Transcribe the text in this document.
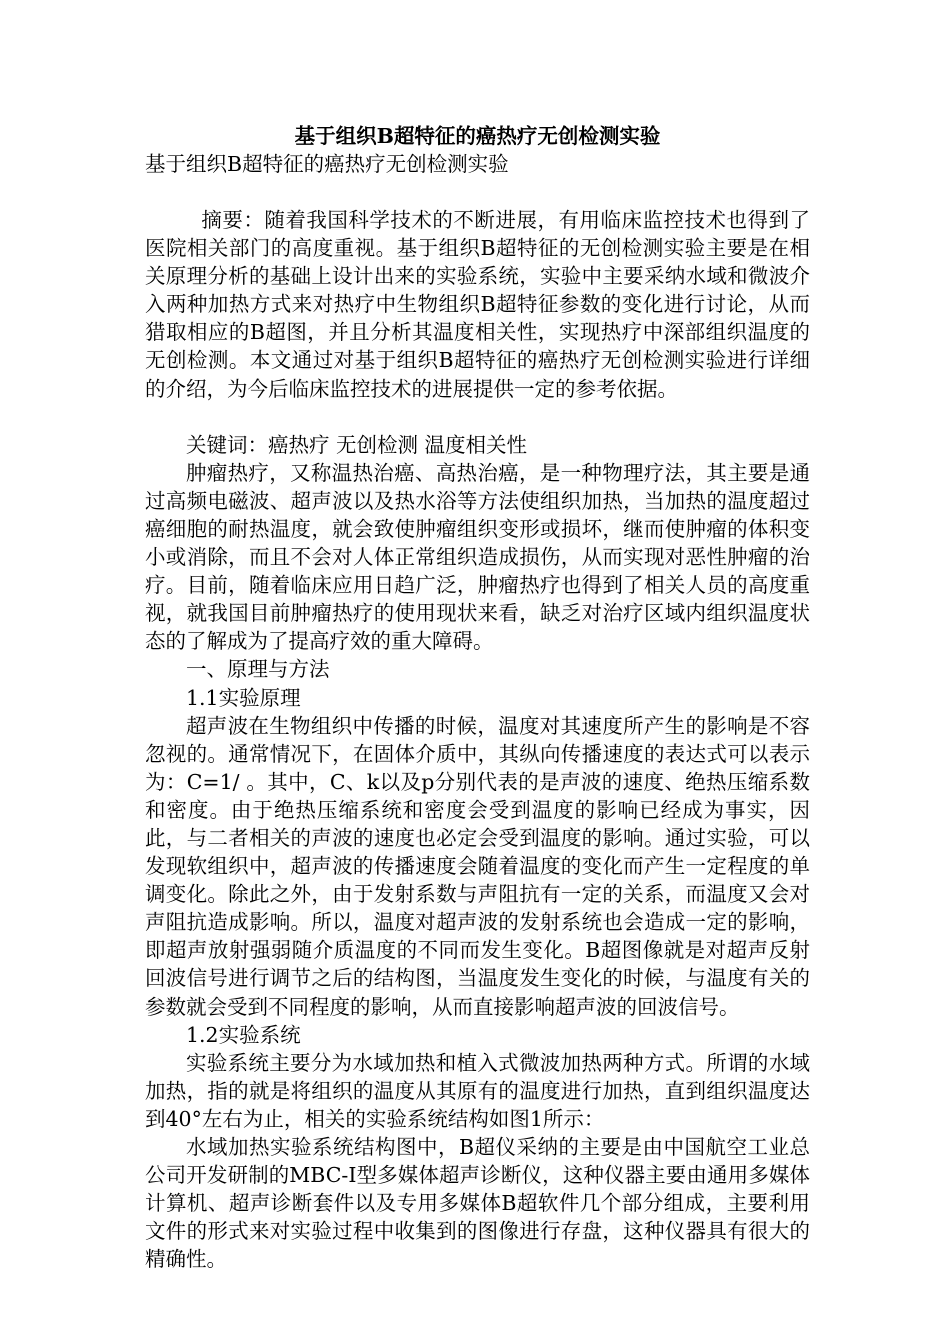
基于组织B超特征的癌热疗无创检测实验
基于组织B超特征的癌热疗无创检测实验

摘要：随着我国科学技术的不断进展，有用临床监控技术也得到了医院相关部门的高度重视。基于组织B超特征的无创检测实验主要是在相关原理分析的基础上设计出来的实验系统，实验中主要采纳水域和微波介入两种加热方式来对热疗中生物组织B超特征参数的变化进行讨论，从而猎取相应的B超图，并且分析其温度相关性，实现热疗中深部组织温度的无创检测。本文通过对基于组织B超特征的癌热疗无创检测实验进行详细的介绍，为今后临床监控技术的进展提供一定的参考依据。

关键词：癌热疗 无创检测 温度相关性

肿瘤热疗，又称温热治癌、高热治癌，是一种物理疗法，其主要是通过高频电磁波、超声波以及热水浴等方法使组织加热，当加热的温度超过癌细胞的耐热温度，就会致使肿瘤组织变形或损坏，继而使肿瘤的体积变小或消除，而且不会对人体正常组织造成损伤，从而实现对恶性肿瘤的治疗。目前，随着临床应用日趋广泛，肿瘤热疗也得到了相关人员的高度重视，就我国目前肿瘤热疗的使用现状来看，缺乏对治疗区域内组织温度状态的了解成为了提高疗效的重大障碍。

一、原理与方法

1.1实验原理

超声波在生物组织中传播的时候，温度对其速度所产生的影响是不容忽视的。通常情况下，在固体介质中，其纵向传播速度的表达式可以表示为：C=1/ 。其中，C、k以及p分别代表的是声波的速度、绝热压缩系数和密度。由于绝热压缩系统和密度会受到温度的影响已经成为事实，因此，与二者相关的声波的速度也必定会受到温度的影响。通过实验，可以发现软组织中，超声波的传播速度会随着温度的变化而产生一定程度的单调变化。除此之外，由于发射系数与声阻抗有一定的关系，而温度又会对声阻抗造成影响。所以，温度对超声波的发射系统也会造成一定的影响，即超声放射强弱随介质温度的不同而发生变化。B超图像就是对超声反射回波信号进行调节之后的结构图，当温度发生变化的时候，与温度有关的参数就会受到不同程度的影响，从而直接影响超声波的回波信号。

1.2实验系统

实验系统主要分为水域加热和植入式微波加热两种方式。所谓的水域加热，指的就是将组织的温度从其原有的温度进行加热，直到组织温度达到40°左右为止，相关的实验系统结构如图1所示：

水域加热实验系统结构图中，B超仪采纳的主要是由中国航空工业总公司开发研制的MBC-I型多媒体超声诊断仪，这种仪器主要由通用多媒体计算机、超声诊断套件以及专用多媒体B超软件几个部分组成，主要利用文件的形式来对实验过程中收集到的图像进行存盘，这种仪器具有很大的精确性。
